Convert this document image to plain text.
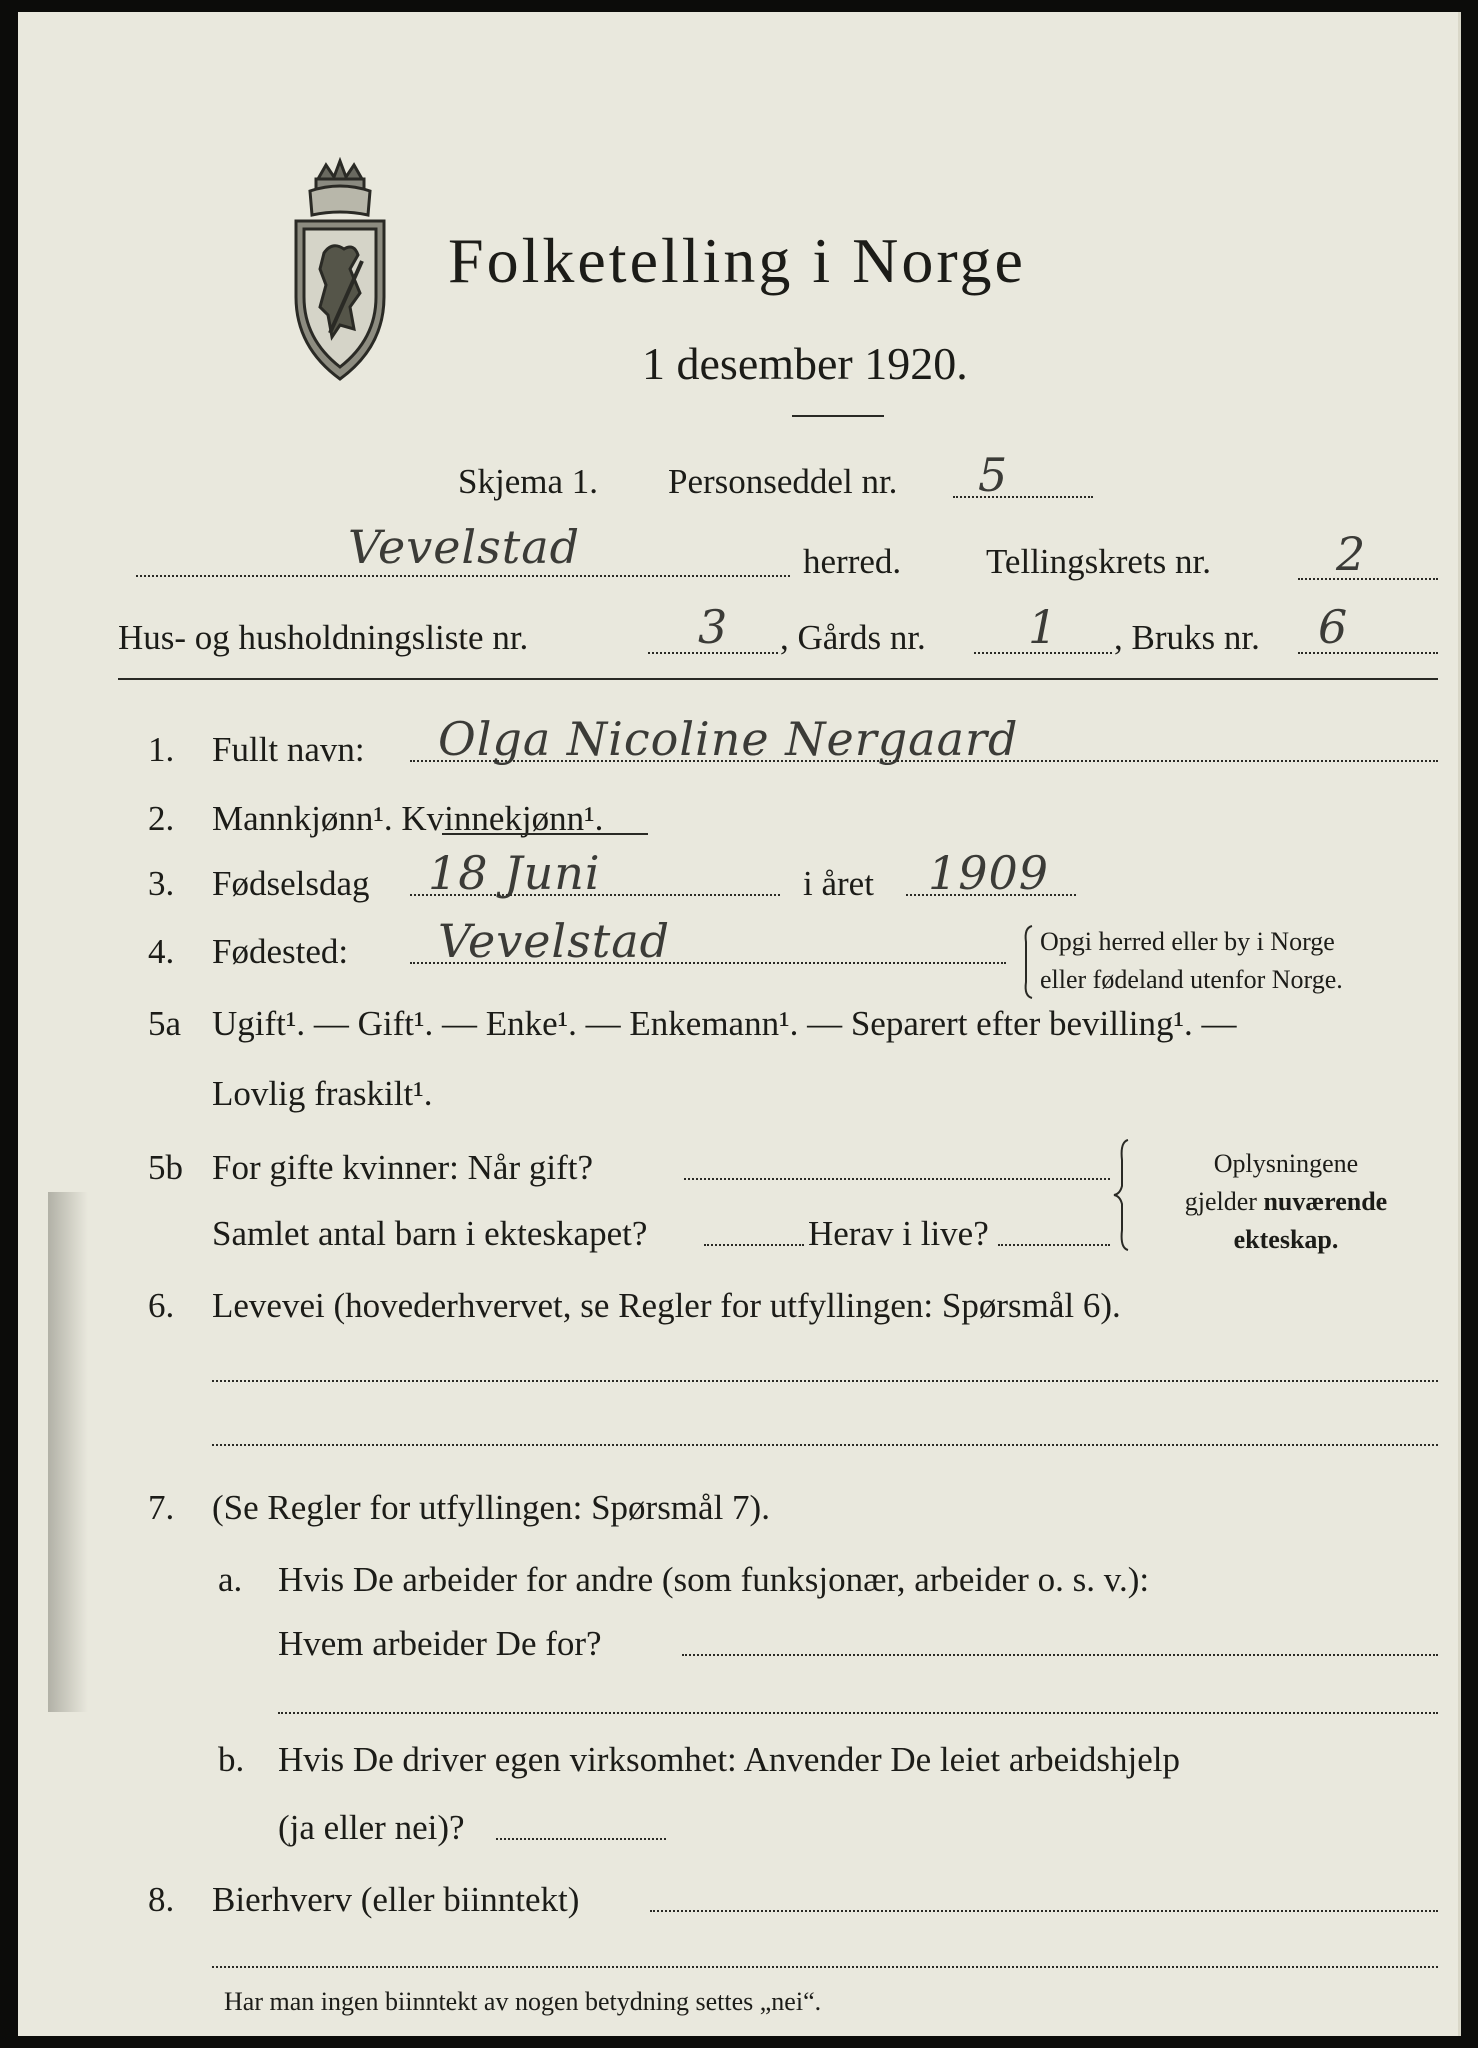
Folketelling i Norge
1 desember 1920.
Skjema 1. Personseddel nr. 5
Vevelstad	herred. Tellingskrets nr.	2
Hus- og husholdningsliste nr.	3 , Gårds nr. 1 , Bruks nr. 6
1. Fullt navn: Olga Nicoline Nergaard
2. Mannkjønn¹. Kvinnekjønn¹.
3. Fødselsdag 18 Juni	i året 1909
4. Fødested: Vevelstad	Opgi herred eller by i Norge
eller fødeland utenfor Norge.
5a Ugift¹. — Gift¹. — Enke¹. — Enkemann¹. — Separert efter bevilling¹. —
Lovlig fraskilt¹.
5b For gifte kvinner: Når gift?
Samlet antal barn i ekteskapet?	Herav i live?
Oplysningene
gjelder nuværende
ekteskap.
6. Levevei (hovederhvervet, se Regler for utfyllingen: Spørsmål 6).
7. (Se Regler for utfyllingen: Spørsmål 7).
a. Hvis De arbeider for andre (som funksjonær, arbeider o. s. v.):
Hvem arbeider De for?
b. Hvis De driver egen virksomhet: Anvender De leiet arbeidshjelp
(ja eller nei)?
8. Bierhverv (eller biinntekt)
Har man ingen biinntekt av nogen betydning settes „nei“.
